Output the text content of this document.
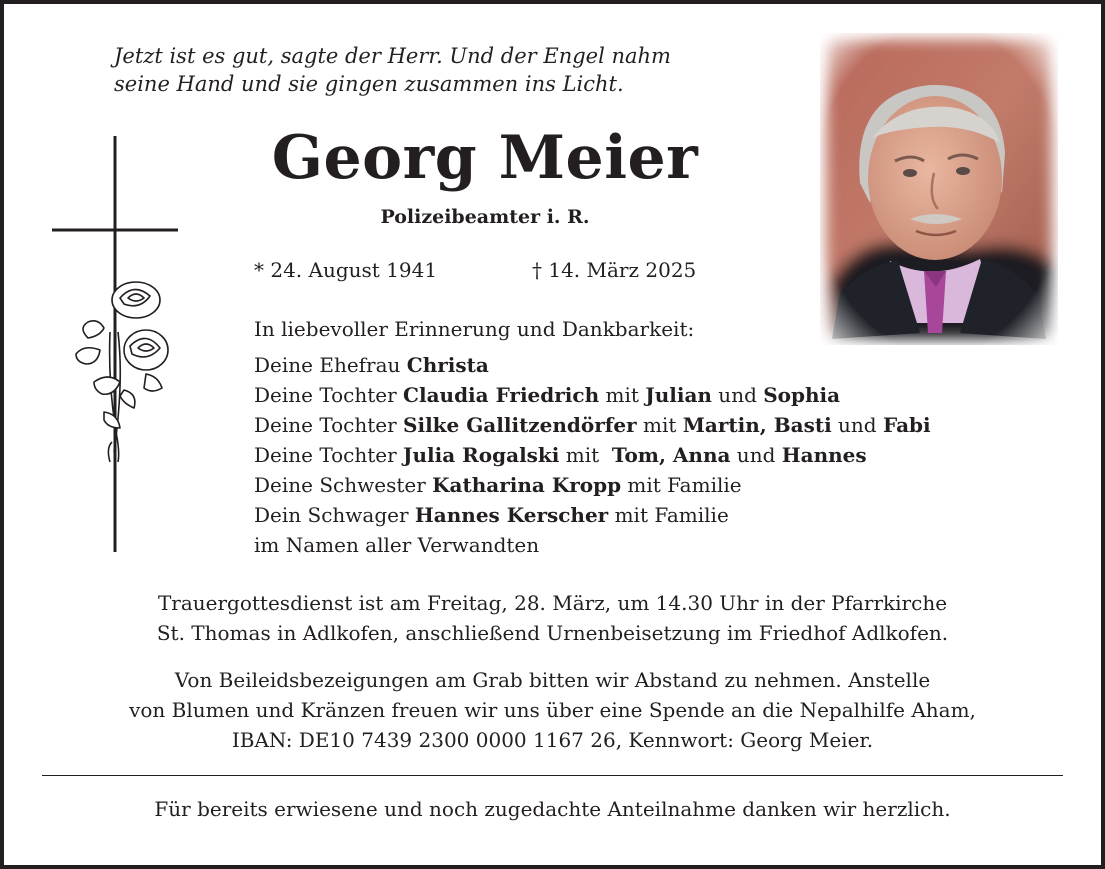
Jetzt ist es gut, sagte der Herr. Und der Engel nahm
seine Hand und sie gingen zusammen ins Licht.
Georg Meier
Polizeibeamter i. R.
* 24. August 1941	† 14. März 2025
In liebevoller Erinnerung und Dankbarkeit:
Deine Ehefrau Christa
Deine Tochter Claudia Friedrich mit Julian und Sophia
Deine Tochter Silke Gallitzendörfer mit Martin, Basti und Fabi
Deine Tochter Julia Rogalski mit  Tom, Anna und Hannes
Deine Schwester Katharina Kropp mit Familie
Dein Schwager Hannes Kerscher mit Familie
im Namen aller Verwandten
Trauergottesdienst ist am Freitag, 28. März, um 14.30 Uhr in der Pfarrkirche
St. Thomas in Adlkofen, anschließend Urnenbeisetzung im Friedhof Adlkofen.
Von Beileidsbezeigungen am Grab bitten wir Abstand zu nehmen. Anstelle
von Blumen und Kränzen freuen wir uns über eine Spende an die Nepalhilfe Aham,
IBAN: DE10 7439 2300 0000 1167 26, Kennwort: Georg Meier.
Für bereits erwiesene und noch zugedachte Anteilnahme danken wir herzlich.
